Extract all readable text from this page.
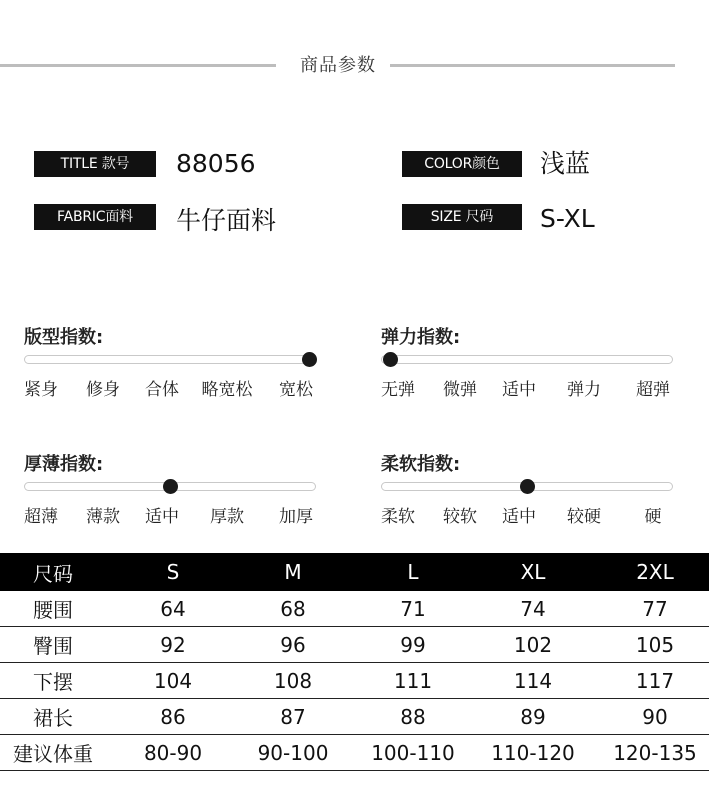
商品参数
TITLE 款号	88056	COLOR颜色	浅蓝
FABRIC面料	牛仔面料	SIZE 尺码	S-XL
版型指数:
紧身 修身 合体 略宽松 宽松
弹力指数:
无弹 微弹 适中 弹力 超弹
厚薄指数:
超薄 薄款 适中 厚款 加厚
柔软指数:
柔软 较软 适中 较硬	硬
尺码	S	M	L	XL	2XL
腰围	64	68	71	74	77
臀围	92	96	99	102	105
下摆	104	108	111	114	117
裙长	86	87	88	89	90
建议体重	80-90	90-100	100-110	110-120	120-135
